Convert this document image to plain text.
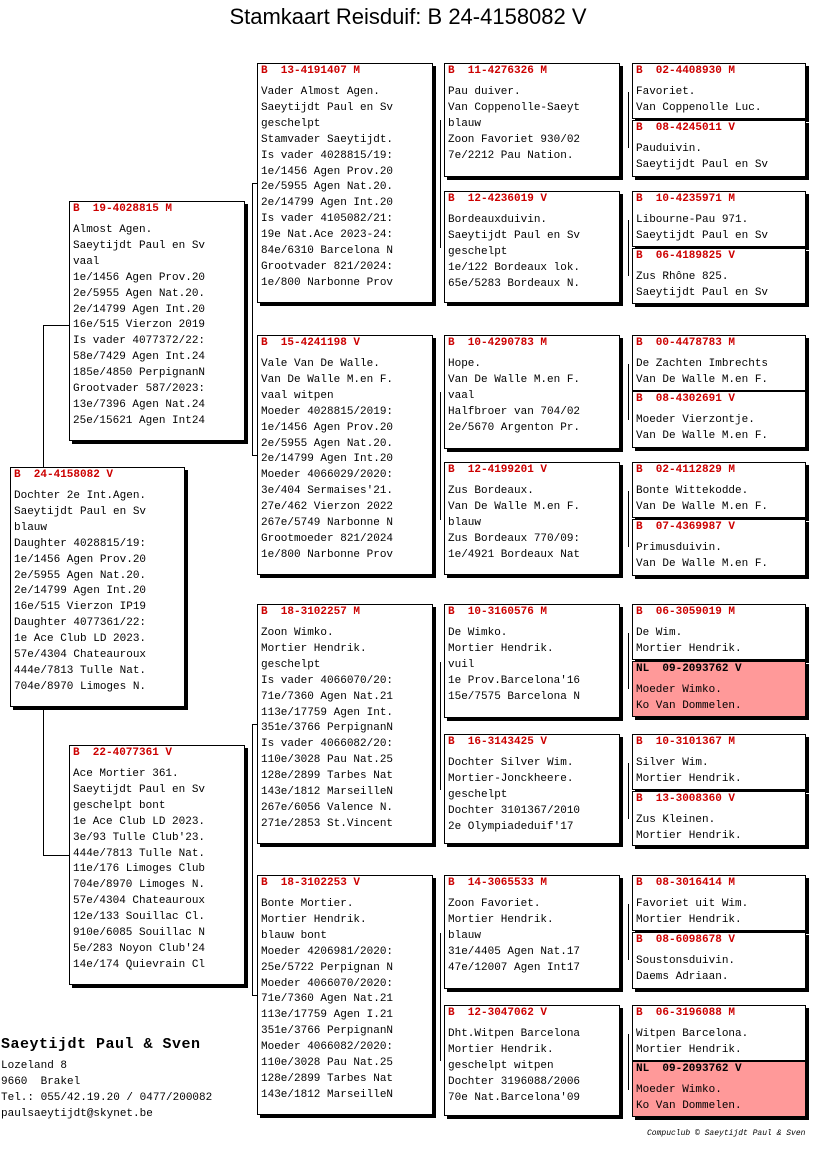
Stamkaart Reisduif: B 24-4158082 V
B  24-4158082 V
Dochter 2e Int.Agen.
Saeytijdt Paul en Sv
blauw
Daughter 4028815/19:
1e/1456 Agen Prov.20
2e/5955 Agen Nat.20.
2e/14799 Agen Int.20
16e/515 Vierzon IP19
Daughter 4077361/22:
1e Ace Club LD 2023.
57e/4304 Chateauroux
444e/7813 Tulle Nat.
704e/8970 Limoges N.
B  19-4028815 M
Almost Agen.
Saeytijdt Paul en Sv
vaal
1e/1456 Agen Prov.20
2e/5955 Agen Nat.20.
2e/14799 Agen Int.20
16e/515 Vierzon 2019
Is vader 4077372/22:
58e/7429 Agen Int.24
185e/4850 PerpignanN
Grootvader 587/2023:
13e/7396 Agen Nat.24
25e/15621 Agen Int24
B  22-4077361 V
Ace Mortier 361.
Saeytijdt Paul en Sv
geschelpt bont
1e Ace Club LD 2023.
3e/93 Tulle Club'23.
444e/7813 Tulle Nat.
11e/176 Limoges Club
704e/8970 Limoges N.
57e/4304 Chateauroux
12e/133 Souillac Cl.
910e/6085 Souillac N
5e/283 Noyon Club'24
14e/174 Quievrain Cl
B  13-4191407 M
Vader Almost Agen.
Saeytijdt Paul en Sv
geschelpt
Stamvader Saeytijdt.
Is vader 4028815/19:
1e/1456 Agen Prov.20
2e/5955 Agen Nat.20.
2e/14799 Agen Int.20
Is vader 4105082/21:
19e Nat.Ace 2023-24:
84e/6310 Barcelona N
Grootvader 821/2024:
1e/800 Narbonne Prov
B  15-4241198 V
Vale Van De Walle.
Van De Walle M.en F.
vaal witpen
Moeder 4028815/2019:
1e/1456 Agen Prov.20
2e/5955 Agen Nat.20.
2e/14799 Agen Int.20
Moeder 4066029/2020:
3e/404 Sermaises'21.
27e/462 Vierzon 2022
267e/5749 Narbonne N
Grootmoeder 821/2024
1e/800 Narbonne Prov
B  18-3102257 M
Zoon Wimko.
Mortier Hendrik.
geschelpt
Is vader 4066070/20:
71e/7360 Agen Nat.21
113e/17759 Agen Int.
351e/3766 PerpignanN
Is vader 4066082/20:
110e/3028 Pau Nat.25
128e/2899 Tarbes Nat
143e/1812 MarseilleN
267e/6056 Valence N.
271e/2853 St.Vincent
B  18-3102253 V
Bonte Mortier.
Mortier Hendrik.
blauw bont
Moeder 4206981/2020:
25e/5722 Perpignan N
Moeder 4066070/2020:
71e/7360 Agen Nat.21
113e/17759 Agen I.21
351e/3766 PerpignanN
Moeder 4066082/2020:
110e/3028 Pau Nat.25
128e/2899 Tarbes Nat
143e/1812 MarseilleN
B  11-4276326 M
Pau duiver.
Van Coppenolle-Saeyt
blauw
Zoon Favoriet 930/02
7e/2212 Pau Nation.
B  12-4236019 V
Bordeauxduivin.
Saeytijdt Paul en Sv
geschelpt
1e/122 Bordeaux lok.
65e/5283 Bordeaux N.
B  10-4290783 M
Hope.
Van De Walle M.en F.
vaal
Halfbroer van 704/02
2e/5670 Argenton Pr.
B  12-4199201 V
Zus Bordeaux.
Van De Walle M.en F.
blauw
Zus Bordeaux 770/09:
1e/4921 Bordeaux Nat
B  10-3160576 M
De Wimko.
Mortier Hendrik.
vuil
1e Prov.Barcelona'16
15e/7575 Barcelona N
B  16-3143425 V
Dochter Silver Wim.
Mortier-Jonckheere.
geschelpt
Dochter 3101367/2010
2e Olympiadeduif'17
B  14-3065533 M
Zoon Favoriet.
Mortier Hendrik.
blauw
31e/4405 Agen Nat.17
47e/12007 Agen Int17
B  12-3047062 V
Dht.Witpen Barcelona
Mortier Hendrik.
geschelpt witpen
Dochter 3196088/2006
70e Nat.Barcelona'09
B  02-4408930 M
Favoriet.
Van Coppenolle Luc.
B  08-4245011 V
Pauduivin.
Saeytijdt Paul en Sv
B  10-4235971 M
Libourne-Pau 971.
Saeytijdt Paul en Sv
B  06-4189825 V
Zus Rhône 825.
Saeytijdt Paul en Sv
B  00-4478783 M
De Zachten Imbrechts
Van De Walle M.en F.
B  08-4302691 V
Moeder Vierzontje.
Van De Walle M.en F.
B  02-4112829 M
Bonte Wittekodde.
Van De Walle M.en F.
B  07-4369987 V
Primusduivin.
Van De Walle M.en F.
B  06-3059019 M
De Wim.
Mortier Hendrik.
NL  09-2093762 V
Moeder Wimko.
Ko Van Dommelen.
B  10-3101367 M
Silver Wim.
Mortier Hendrik.
B  13-3008360 V
Zus Kleinen.
Mortier Hendrik.
B  08-3016414 M
Favoriet uit Wim.
Mortier Hendrik.
B  08-6098678 V
Soustonsduivin.
Daems Adriaan.
B  06-3196088 M
Witpen Barcelona.
Mortier Hendrik.
NL  09-2093762 V
Moeder Wimko.
Ko Van Dommelen.
Saeytijdt Paul & Sven
Lozeland 8
9660  Brakel
Tel.: 055/42.19.20 / 0477/200082
paulsaeytijdt@skynet.be
Compuclub © Saeytijdt Paul & Sven
